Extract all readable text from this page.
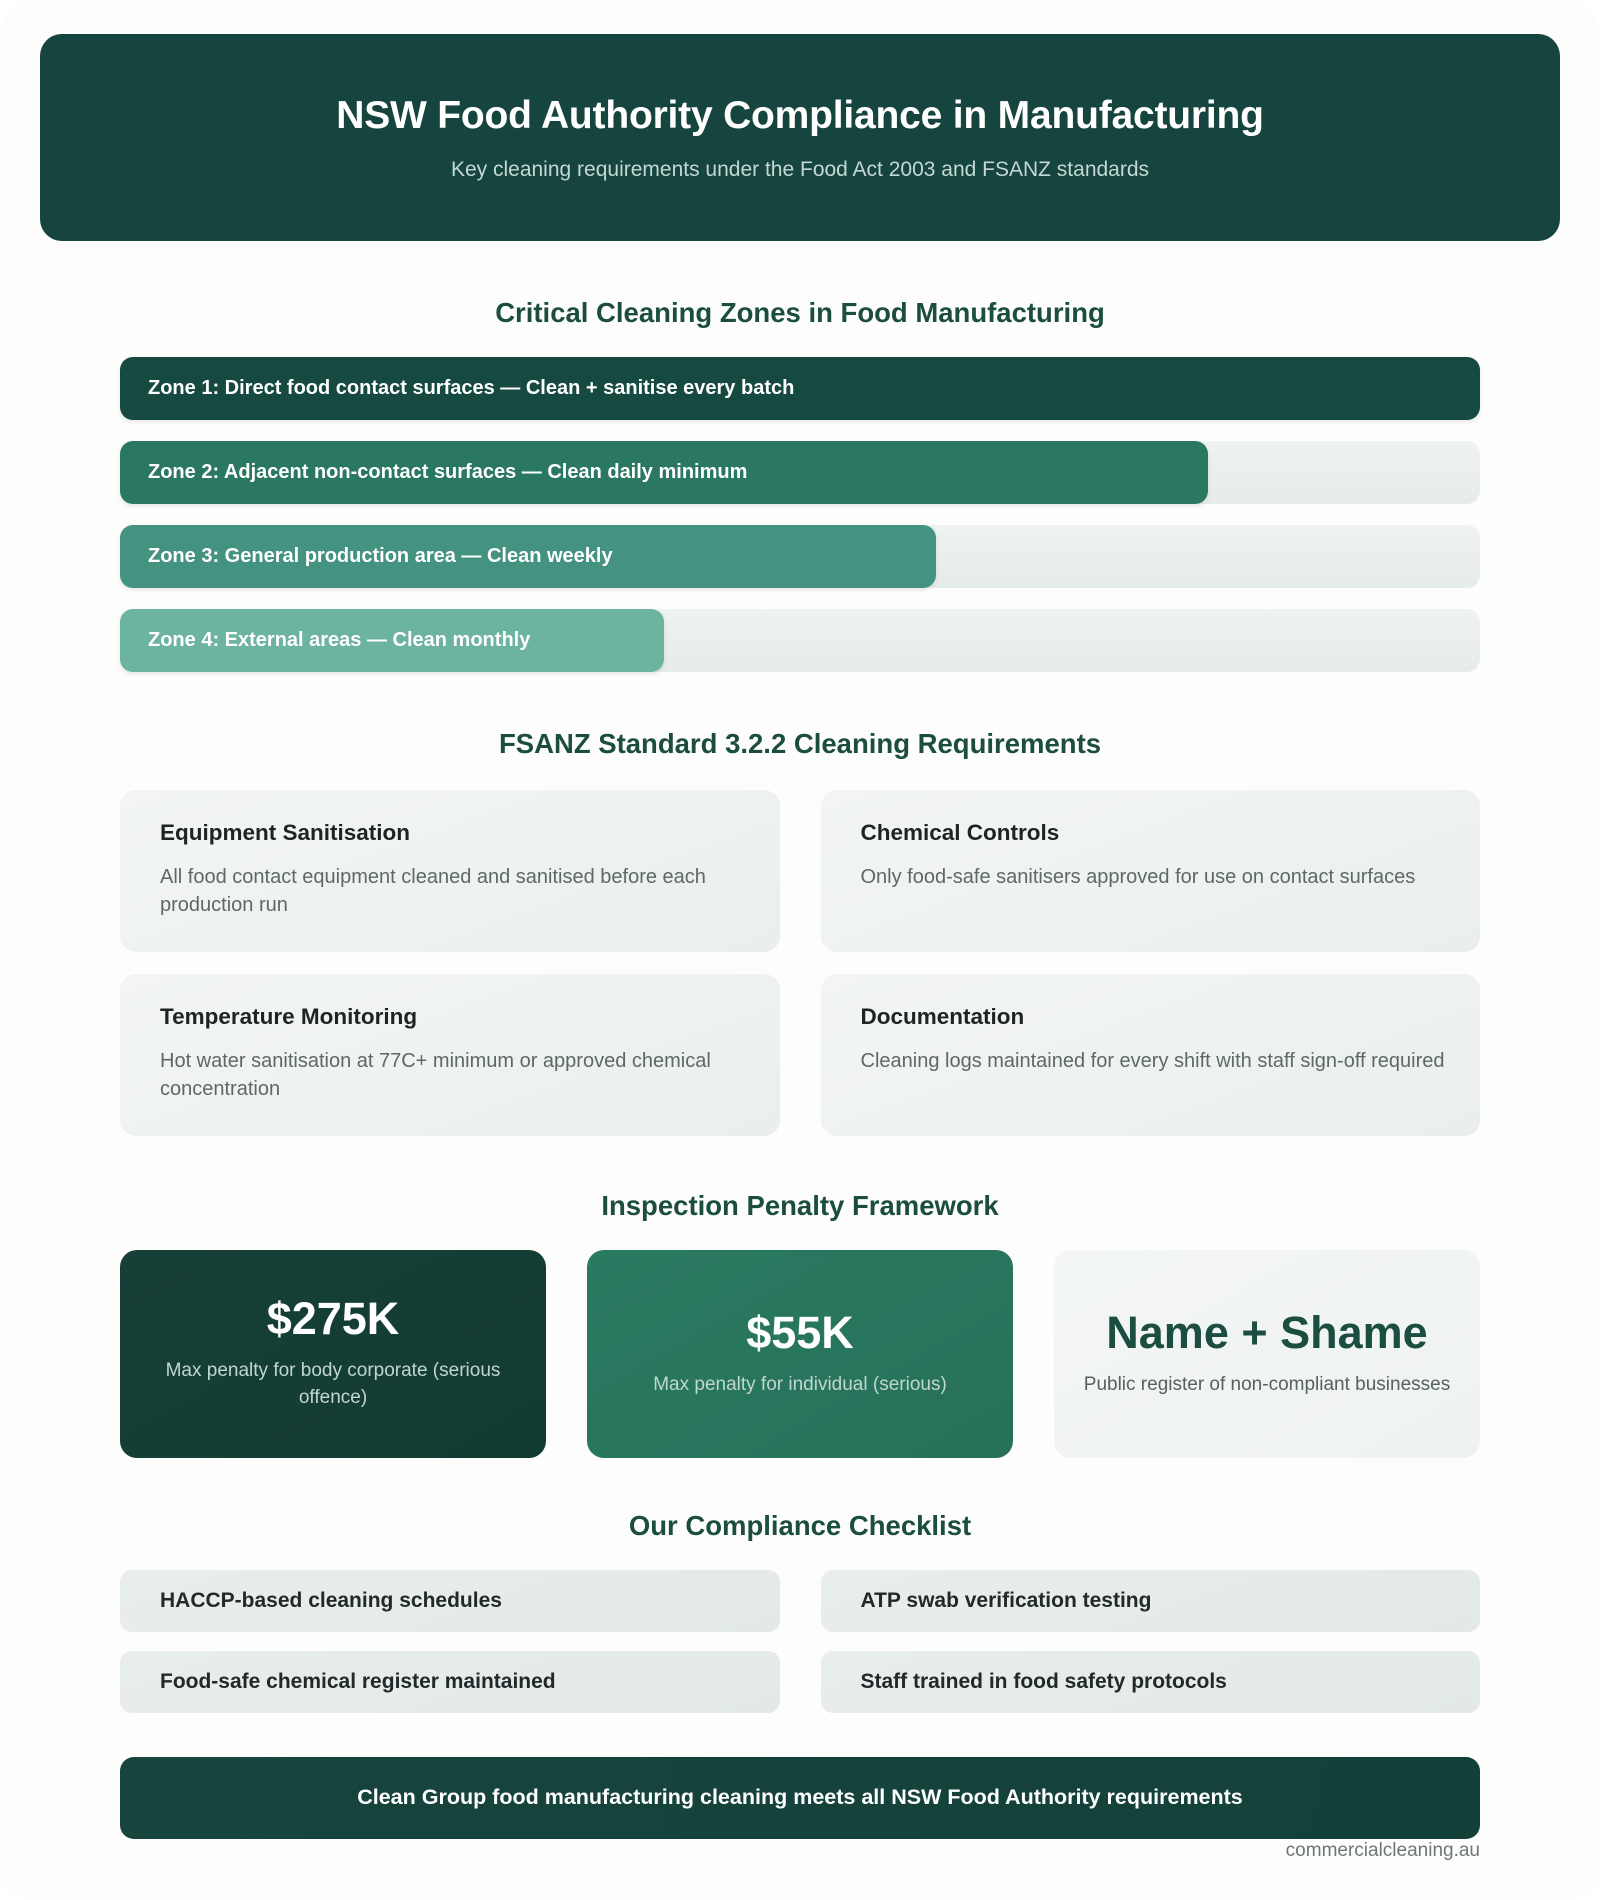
NSW Food Authority Compliance in Manufacturing
Key cleaning requirements under the Food Act 2003 and FSANZ standards
Critical Cleaning Zones in Food Manufacturing
Zone 1: Direct food contact surfaces — Clean + sanitise every batch
Zone 2: Adjacent non-contact surfaces — Clean daily minimum
Zone 3: General production area — Clean weekly
Zone 4: External areas — Clean monthly
FSANZ Standard 3.2.2 Cleaning Requirements
Equipment Sanitisation
All food contact equipment cleaned and sanitised before each production run
Chemical Controls
Only food-safe sanitisers approved for use on contact surfaces
Temperature Monitoring
Hot water sanitisation at 77C+ minimum or approved chemical concentration
Documentation
Cleaning logs maintained for every shift with staff sign-off required
Inspection Penalty Framework
$275K
Max penalty for body corporate (serious offence)
$55K
Max penalty for individual (serious)
Name + Shame
Public register of non-compliant businesses
Our Compliance Checklist
HACCP-based cleaning schedules	ATP swab verification testing
Food-safe chemical register maintained	Staff trained in food safety protocols
Clean Group food manufacturing cleaning meets all NSW Food Authority requirements
commercialcleaning.au
